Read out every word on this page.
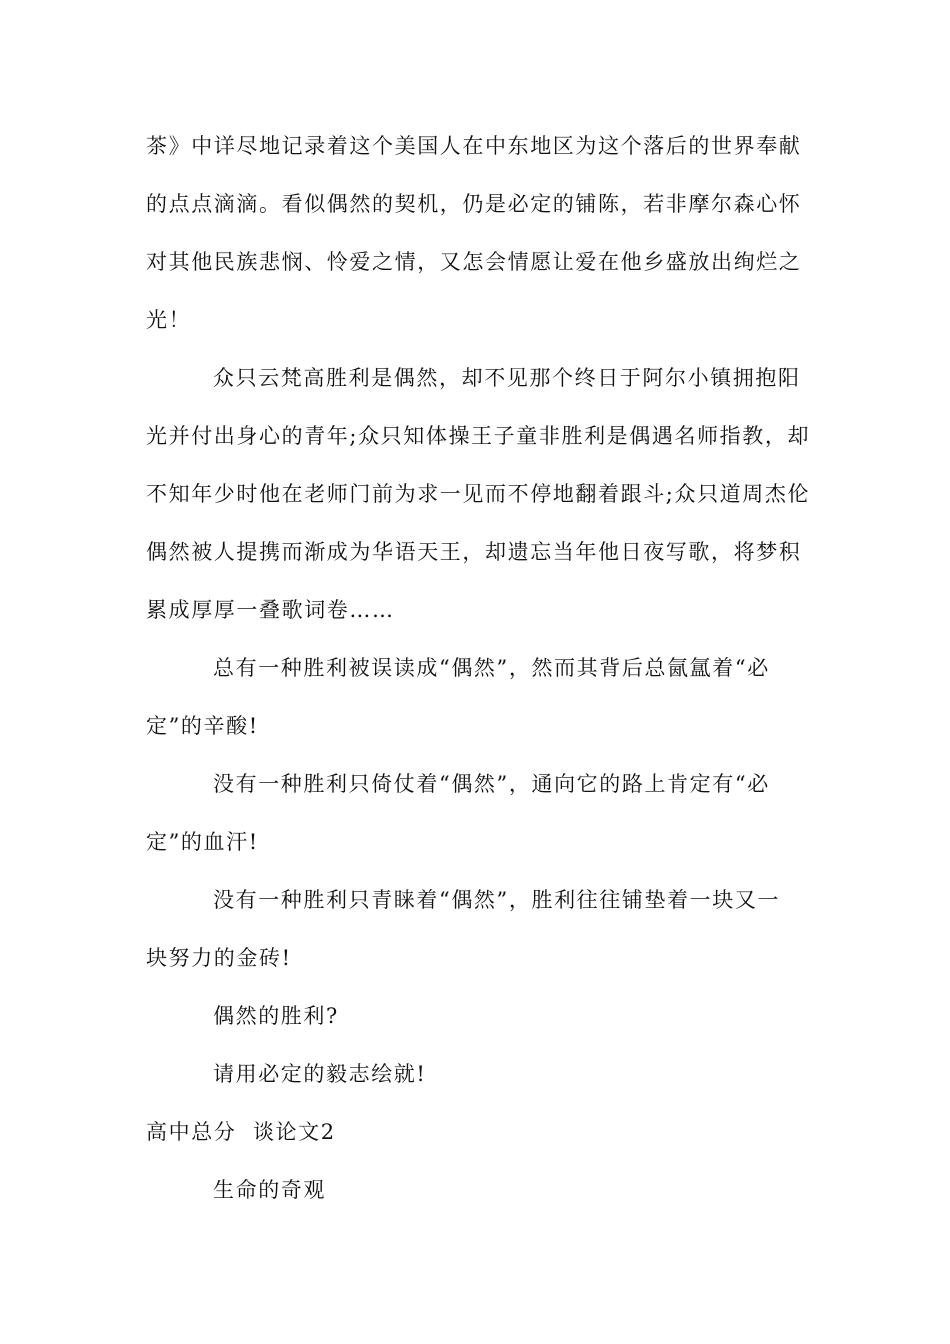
茶》中详尽地记录着这个美国人在中东地区为这个落后的世界奉献
的点点滴滴。看似偶然的契机，仍是必定的铺陈，若非摩尔森心怀
对其他民族悲悯、怜爱之情，又怎会情愿让爱在他乡盛放出绚烂之
光！
众只云梵高胜利是偶然，却不见那个终日于阿尔小镇拥抱阳
光并付出身心的青年;众只知体操王子童非胜利是偶遇名师指教，却
不知年少时他在老师门前为求一见而不停地翻着跟斗;众只道周杰伦
偶然被人提携而渐成为华语天王，却遗忘当年他日夜写歌，将梦积
累成厚厚一叠歌词卷……
总有一种胜利被误读成“偶然”，然而其背后总氤氲着“必
定”的辛酸!
没有一种胜利只倚仗着“偶然”，通向它的路上肯定有“必
定”的血汗!
没有一种胜利只青睐着“偶然”，胜利往往铺垫着一块又一
块努力的金砖!
偶然的胜利?
请用必定的毅志绘就!
高中总分  谈论文2
生命的奇观
